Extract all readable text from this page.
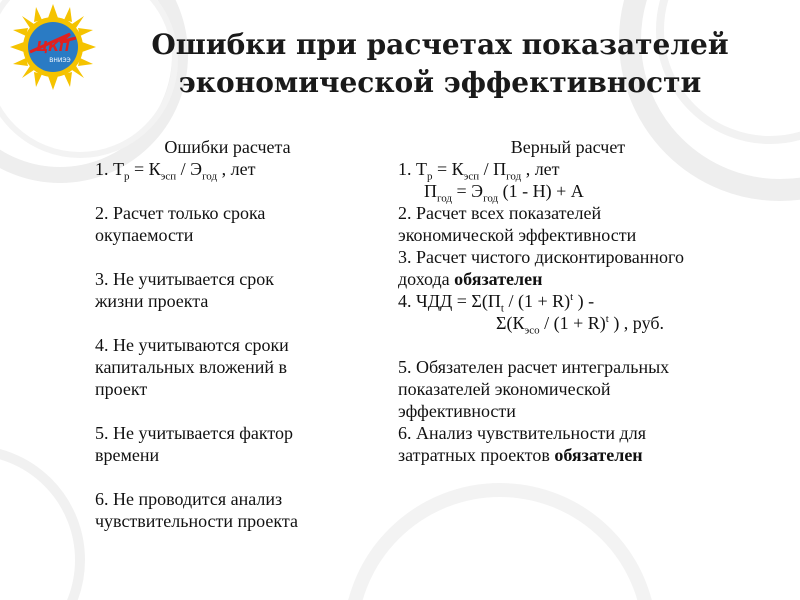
ЦКП
ВНИЭЭ	Ошибки при расчетах показателей
экономической эффективности
Ошибки расчета
1. $Т_р = К_{эсп} / Э_{год}$ , лет
2. Расчет только срока
окупаемости
3. Не учитывается срок
жизни проекта
4. Не учитываются сроки
капитальных вложений в
проект
5. Не учитывается фактор
времени
6. Не проводится анализ
чувствительности проекта
Верный расчет
1. $Т_р = К_{эсп} / П_{год}$ , лет
$П_{год} = Э_{год}$ (1 - Н) + А
2. Расчет всех показателей
экономической эффективности
3. Расчет чистого дисконтированного
дохода обязателен
4. ЧДД = $\Sigma(П_t / (1 + R)^t$ ) -
$\Sigma(К_{эсо} / (1 + R)^t$ ) , руб.
5. Обязателен расчет интегральных
показателей экономической
эффективности
6. Анализ чувствительности для
затратных проектов обязателен
